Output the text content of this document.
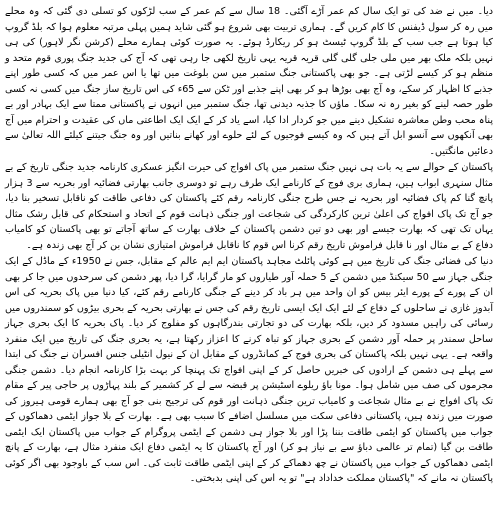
دیا۔ میں نے ضد کی تو ایک سال کم عمر آڑے آگئی۔ 18 سال سے کم عمر کے سب لڑکوں کو تسلی دی گئی کہ وہ محلے میں رہ کر سول ڈیفنس کا کام کریں گے۔ ہماری تربیت بھی شروع ہو گئی شاید ہمیں پہلی مرتبہ معلوم ہوا کہ بلڈ گروپ کیا ہوتا ہے جب سب کے بلڈ گروپ ٹیسٹ ہو کر ریکارڈ ہوئے۔ یہ صورت کوئی ہمارے محلے (کرشن نگر لاہور) کی ہی نہیں بلکہ ملک بھر میں ملی جلی گلی گلی قریہ قریہ یہی تاریخ لکھی جا رہی تھی کہ آج کی جدید جنگ پوری قوم متحد و منظم ہو کر کیسے لڑتی ہے۔ جو بھی پاکستانی جنگ ستمبر میں سن بلوغت میں تھا یا اس عمر میں کہ کسی طور اپنے جذبے کا اظہار کر سکے، وہ آج بھی بوڑھا ہو کر بھی اپنے جذبے اور ٹکن سے 65ء کی اس تاریخ ساز جنگ میں کسی نہ کسی طور حصہ لینے کو بغیر رہ نہ سکا۔ ماؤں کا جذبہ دیدنی تھا، جنگ ستمبر میں انہوں نے پاکستانی ممتا سے ایک بہادر اور بے پناہ محب وطن معاشرہ تشکیل دینے میں جو کردار ادا کیا، اسے یاد کر کے ایک ایک اطاعتی ماں کی عقیدت و احترام میں آج بھی آنکھوں سے آنسو ابل آتے ہیں کہ وہ کیسے فوجیوں کے لئے حلوے اور کھانے بناتیں اور وہ جنگ جیتنے کیلئے اللہ تعالیٰ سے دعائیں مانگتیں۔

پاکستان کے حوالے سے یہ بات ہی نہیں جنگ ستمبر میں پاک افواج کی حیرت انگیز عسکری کارنامہ جدید جنگی تاریخ کے بے مثال سنہری ابواب ہیں، ہماری بری فوج کے کارنامے ایک طرف رہے تو دوسری جانب بھارتی فضائیہ اور بحریہ سے 3 ہزار پانچ گنا کم پاک فضائیہ اور بحریہ نے جس طرح جنگی کارنامہ رقم کئے پاکستان کی دفاعی طاقت کو ناقابل تسخیر بنا دیا، جو آج تک پاک افواج کی اعلیٰ ترین کارکردگی کی شجاعت اور جنگی ذہانت قوم کے اتحاد و استحکام کی قابل رشک مثال یہاں تک تھی کہ بھارت جیسے اور بھی دو تین دشمن پاکستان کے خلاف بھارت کے ساتھ آجاتے تو بھی پاکستان کو کامیاب دفاع کے بے مثال اور نا قابل فراموش تاریخ رقم کرنا اس قوم کا ناقابل فراموش امتیازی نشان بن کر آج بھی زندہ ہے۔

دنیا کی فضائی جنگ کی تاریخ میں ہے کوئی پائلٹ مجاہد پاکستان ایم ایم عالم کے مقابل، جس نے 1950ء کے ماڈل کے ایک جنگی جہاز سے 50 سیکنڈ میں دشمن کے 5 حملہ آور طیاروں کو مار گرایا، گرا دیا، پھر دشمن کی سرحدوں میں جا کر بھی ان کے پورے کے پورے ایئر بیس کو ان واحد میں ہر باد کر دینے کے جنگی کارنامے رقم کئے، کیا دنیا میں پاک بحریہ کی اس آبدوز غازی نے ساحلوں کے دفاع کے لئے ایک ایک ایسی تاریخ رقم کی جس نے بھارتی بحریہ کے بحری بیڑوں کو سمندروں میں رسائی کی راہیں مسدود کر دیں، بلکہ بھارت کی دو تجارتی بندرگاہوں کو مفلوج کر دیا۔ پاک بحریہ کا ایک بحری جہاز ساحل سمندر پر حملہ آور دشمن کے بحری جہاز کو تباہ کرنے کا اعزاز رکھتا ہے، یہ بحری جنگ کی تاریخ میں ایک منفرد واقعہ ہے۔ یہی نہیں بلکہ پاکستان کی بحری فوج کے کمانڈروں کے مقابل ان کے نیول انٹیلی جنس افسران نے جنگ کی ابتدا سے پہلے ہی دشمن کے ارادوں کی خبریں حاصل کر کے اپنی افواج تک پہنچا کر بہت بڑا کارنامہ انجام دیا۔ دشمن جنگی مجرموں کی صف میں شامل ہوا۔ مونا باؤ ریلوے اسٹیشن پر قبضہ سے لے کر کشمیر کے بلند پہاڑوں پر حاجی پیر کے مقام تک پاک افواج نے بے مثال شجاعت و کامیاب ترین جنگی ذہانت اور قوم کی ترجیح بنی جو آج بھی ہمارے قومی ہیروز کی صورت میں زندہ ہیں، پاکستانی دفاعی سکت میں مسلسل اضافے کا سبب بھی ہے۔ بھارت کے بلا جواز ایٹمی دھماکوں کے جواب میں پاکستان کو ایٹمی طاقت بننا پڑا اور بلا جواز ہی دشمن کے ایٹمی پروگرام کے جواب میں پاکستان ایک ایٹمی طاقت بن گیا (تمام تر عالمی دباؤ سے بے نیاز ہو کر) اور آج پاکستان کا یہ ایٹمی دفاع ایک منفرد مثال ہے، بھارت کے پانچ ایٹمی دھماکوں کے جواب میں پاکستان نے چھ دھماکے کر کے اپنی ایٹمی طاقت ثابت کی۔ اس سب کے باوجود بھی اگر کوئی پاکستان نہ مانے کہ "پاکستان مملکت خداداد ہے" تو یہ اس کی اپنی بدبختی۔
